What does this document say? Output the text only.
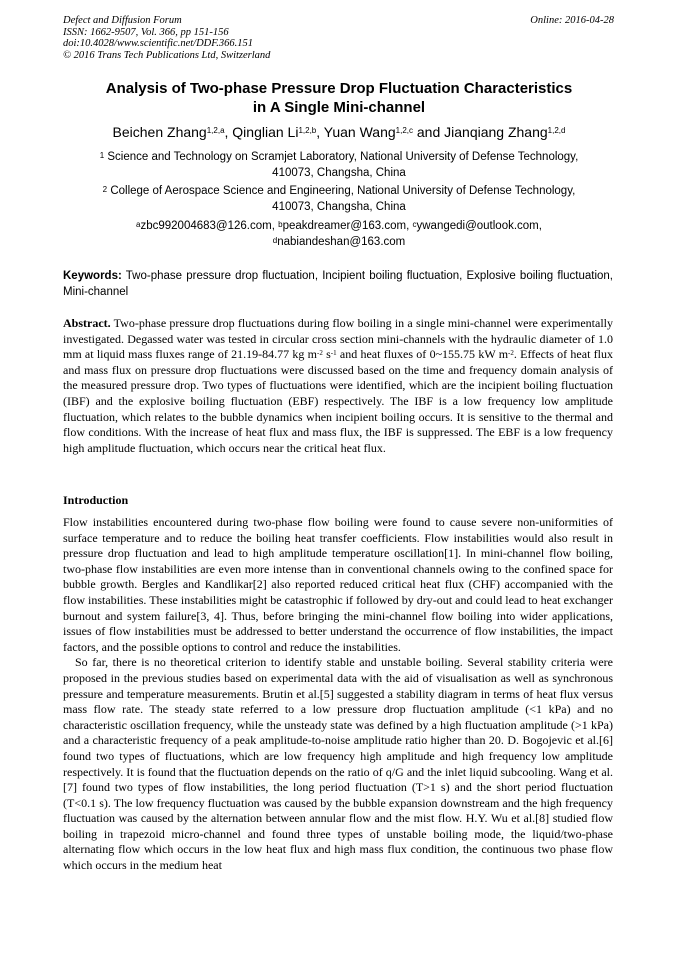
Defect and Diffusion Forum
ISSN: 1662-9507, Vol. 366, pp 151-156
doi:10.4028/www.scientific.net/DDF.366.151
© 2016 Trans Tech Publications Ltd, Switzerland
Online: 2016-04-28
Analysis of Two-phase Pressure Drop Fluctuation Characteristics
in A Single Mini-channel
Beichen Zhang$^{1,2,a}$, Qinglian Li$^{1,2,b}$, Yuan Wang$^{1,2,c}$ and Jianqiang Zhang$^{1,2,d}$
$^1$ Science and Technology on Scramjet Laboratory, National University of Defense Technology,
410073, Changsha, China
$^2$ College of Aerospace Science and Engineering, National University of Defense Technology,
410073, Changsha, China
$^a$zbc992004683@126.com, $^b$peakdreamer@163.com, $^c$ywangedi@outlook.com,
$^d$nabiandeshan@163.com
Keywords: Two-phase pressure drop fluctuation, Incipient boiling fluctuation, Explosive boiling fluctuation, Mini-channel
Abstract. Two-phase pressure drop fluctuations during flow boiling in a single mini-channel were experimentally investigated. Degassed water was tested in circular cross section mini-channels with the hydraulic diameter of 1.0 mm at liquid mass fluxes range of 21.19-84.77 kg $m^{-2}$ $s^{-1}$ and heat fluxes of 0~155.75 kW $m^{-2}$. Effects of heat flux and mass flux on pressure drop fluctuations were discussed based on the time and frequency domain analysis of the measured pressure drop. Two types of fluctuations were identified, which are the incipient boiling fluctuation (IBF) and the explosive boiling fluctuation (EBF) respectively. The IBF is a low frequency low amplitude fluctuation, which relates to the bubble dynamics when incipient boiling occurs. It is sensitive to the thermal and flow conditions. With the increase of heat flux and mass flux, the IBF is suppressed. The EBF is a low frequency high amplitude fluctuation, which occurs near the critical heat flux.
Introduction

Flow instabilities encountered during two-phase flow boiling were found to cause severe non-uniformities of surface temperature and to reduce the boiling heat transfer coefficients. Flow instabilities would also result in pressure drop fluctuation and lead to high amplitude temperature oscillation[1]. In mini-channel flow boiling, two-phase flow instabilities are even more intense than in conventional channels owing to the confined space for bubble growth. Bergles and Kandlikar[2] also reported reduced critical heat flux (CHF) accompanied with the flow instabilities. These instabilities might be catastrophic if followed by dry-out and could lead to heat exchanger burnout and system failure[3, 4]. Thus, before bringing the mini-channel flow boiling into wider applications, issues of flow instabilities must be addressed to better understand the occurrence of flow instabilities, the impact factors, and the possible options to control and reduce the instabilities.

So far, there is no theoretical criterion to identify stable and unstable boiling. Several stability criteria were proposed in the previous studies based on experimental data with the aid of visualisation as well as synchronous pressure and temperature measurements. Brutin et al.[5] suggested a stability diagram in terms of heat flux versus mass flow rate. The steady state referred to a low pressure drop fluctuation amplitude (<1 kPa) and no characteristic oscillation frequency, while the unsteady state was defined by a high fluctuation amplitude (>1 kPa) and a characteristic frequency of a peak amplitude-to-noise amplitude ratio higher than 20. D. Bogojevic et al.[6] found two types of fluctuations, which are low frequency high amplitude and high frequency low amplitude respectively. It is found that the fluctuation depends on the ratio of q/G and the inlet liquid subcooling. Wang et al.[7] found two types of flow instabilities, the long period fluctuation (T>1 s) and the short period fluctuation (T<0.1 s). The low frequency fluctuation was caused by the bubble expansion downstream and the high frequency fluctuation was caused by the alternation between annular flow and the mist flow. H.Y. Wu et al.[8] studied flow boiling in trapezoid micro-channel and found three types of unstable boiling mode, the liquid/two-phase alternating flow which occurs in the low heat flux and high mass flux condition, the continuous two phase flow which occurs in the medium heat
